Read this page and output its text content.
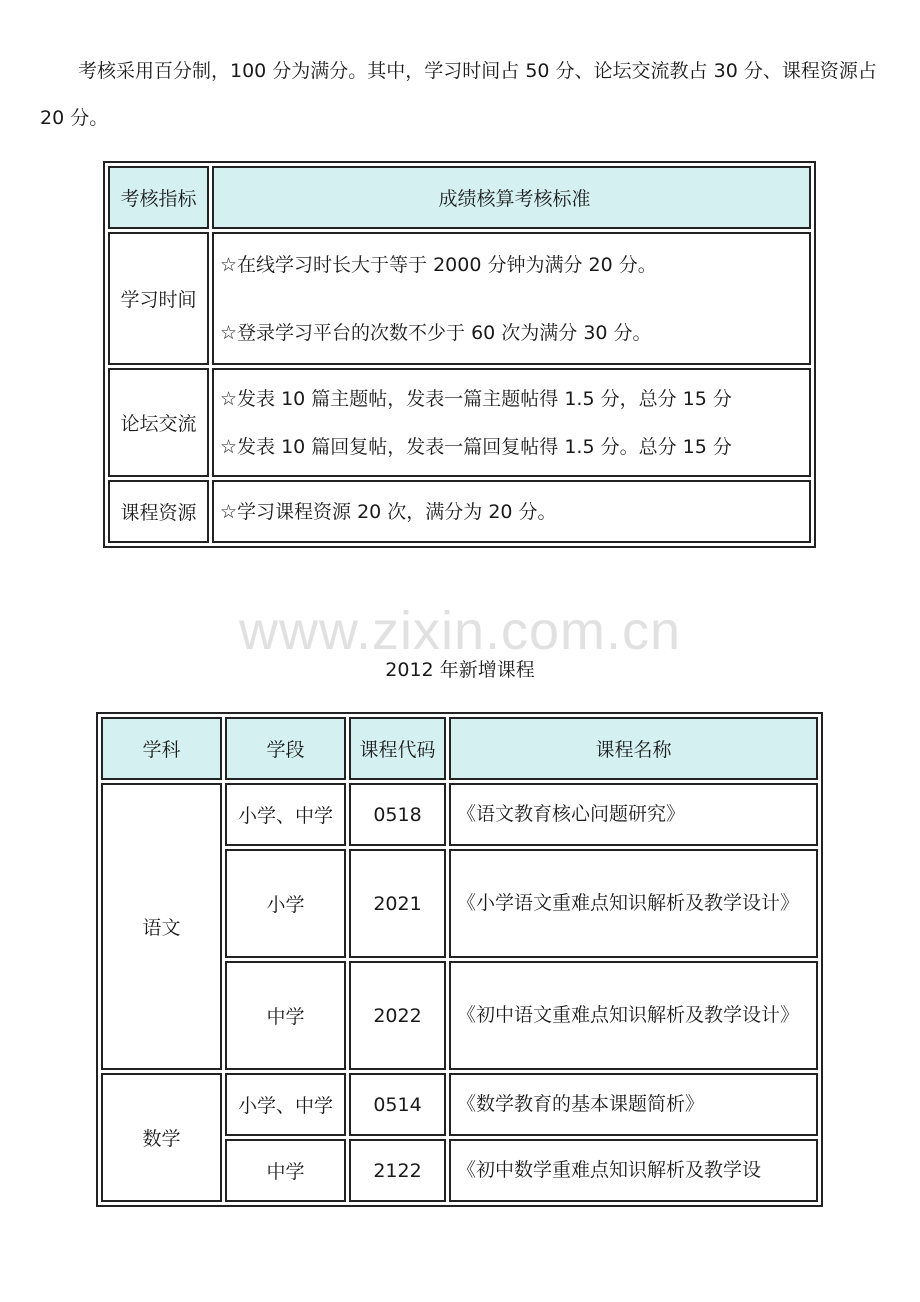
考核采用百分制，100 分为满分。其中，学习时间占 50 分、论坛交流教占 30 分、课程资源占 20 分。

考核指标	成绩核算考核标准
学习时间	☆在线学习时长大于等于 2000 分钟为满分 20 分。

☆登录学习平台的次数不少于 60 次为满分 30 分。

论坛交流	☆发表 10 篇主题帖，发表一篇主题帖得 1.5 分，总分 15 分

☆发表 10 篇回复帖，发表一篇回复帖得 1.5 分。总分 15 分

课程资源	☆学习课程资源 20 次，满分为 20 分。

www.zixin.com.cn
2012 年新增课程
学科	学段	课程代码	课程名称
语文	小学、中学	0518	《语文教育核心问题研究》
	小学	2021	《小学语文重难点知识解析及教学设计》
	中学	2022	《初中语文重难点知识解析及教学设计》
数学	小学、中学	0514	《数学教育的基本课题简析》
	中学	2122	《初中数学重难点知识解析及教学设
